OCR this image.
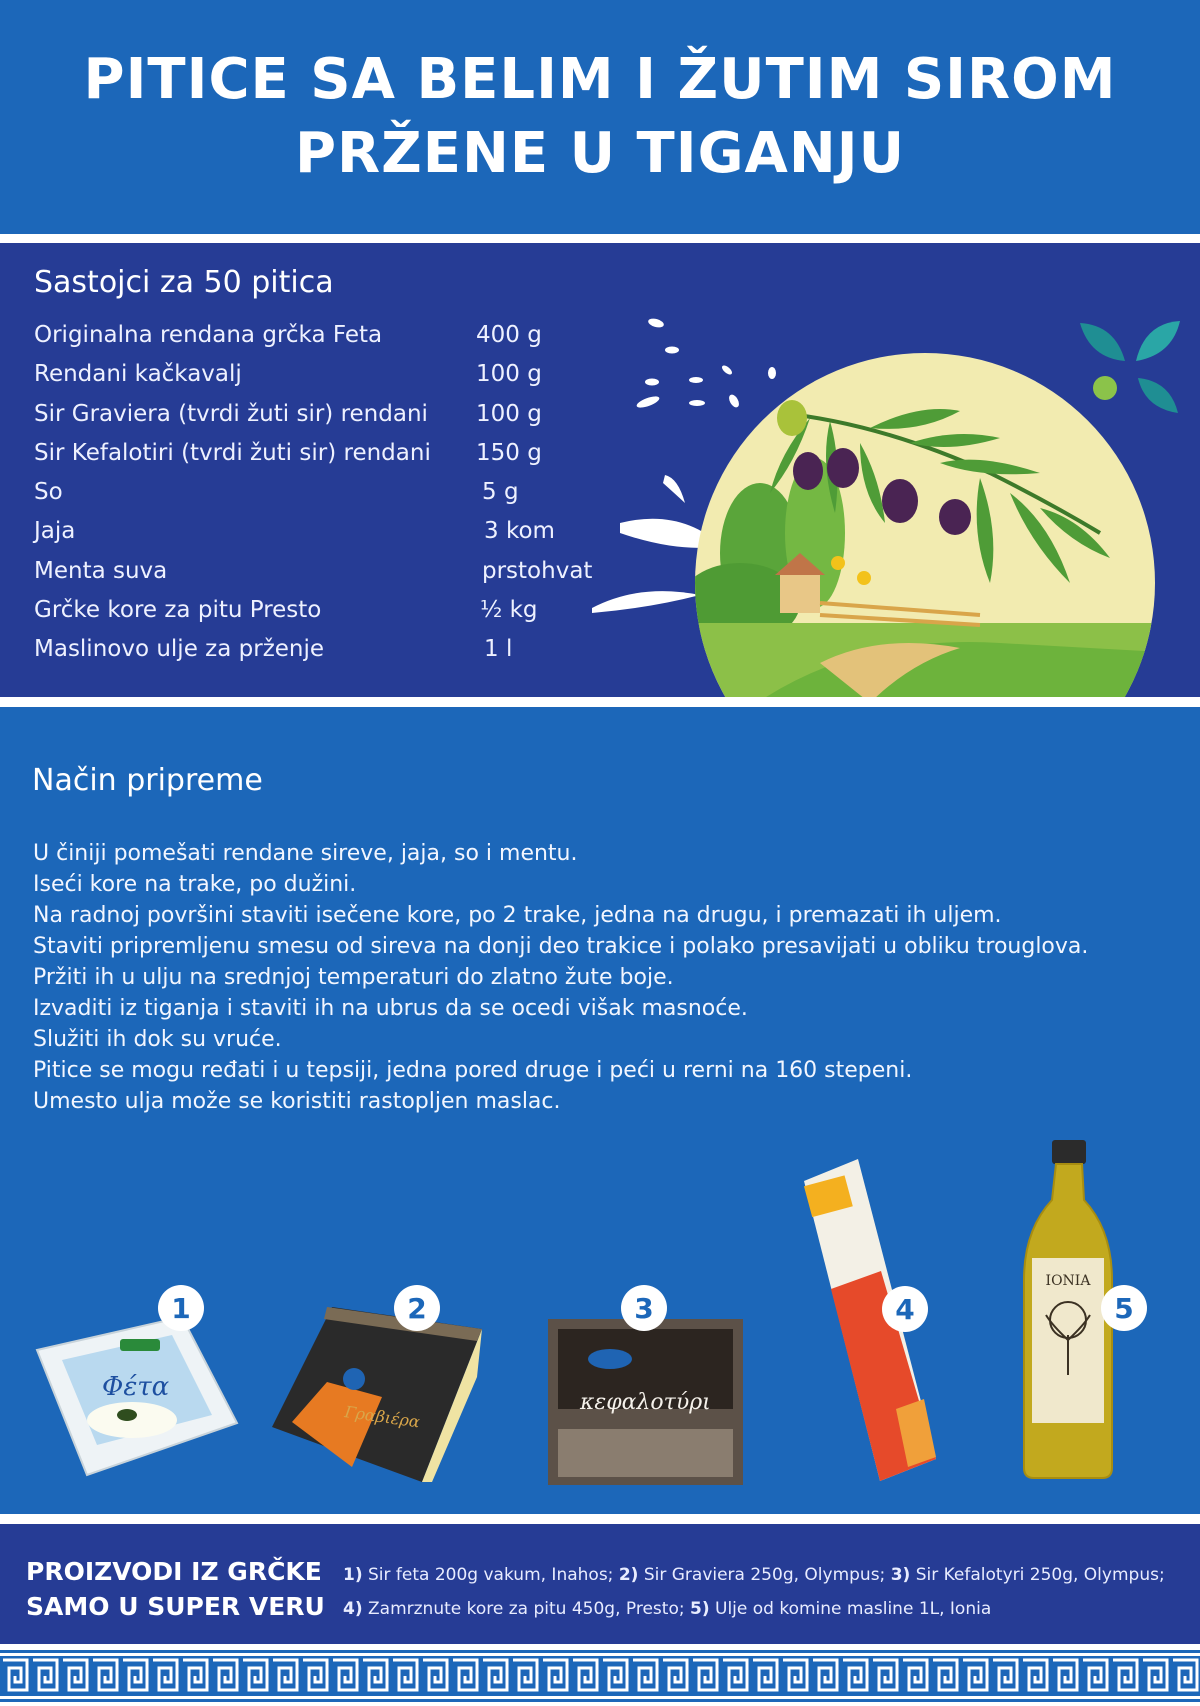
PITICE SA BELIM I ŽUTIM SIROM
PRŽENE U TIGANJU
Sastojci za 50 pitica
Originalna rendana grčka Feta	400 g
Rendani kačkavalj	100 g
Sir Graviera (tvrdi žuti sir) rendani 100 g
Sir Kefalotiri (tvrdi žuti sir) rendani 150 g
So	5 g
Jaja	3 kom
Menta suva	prstohvat
Grčke kore za pitu Presto	½ kg
Maslinovo ulje za prženje	1 l
Način pripreme
U činiji pomešati rendane sireve, jaja, so i mentu.
Iseći kore na trake, po dužini.
Na radnoj površini staviti isečene kore, po 2 trake, jedna na drugu, i premazati ih uljem.
Staviti pripremljenu smesu od sireva na donji deo trakice i polako presavijati u obliku trouglova.
Pržiti ih u ulju na srednjoj temperaturi do zlatno žute boje.
Izvaditi iz tiganja i staviti ih na ubrus da se ocedi višak masnoće.
Služiti ih dok su vruće.
Pitice se mogu ređati i u tepsiji, jedna pored druge i peći u rerni na 160 stepeni.
Umesto ulja može se koristiti rastopljen maslac.
Φέτα
1
Γραβιέρα
2
κεφαλοτύρι
3	4
IONIA
5
PROIZVODI IZ GRČKE
SAMO U SUPER VERU
1) Sir feta 200g vakum, Inahos; 2) Sir Graviera 250g, Olympus; 3) Sir Kefalotyri 250g, Olympus;
4) Zamrznute kore za pitu 450g, Presto; 5) Ulje od komine masline 1L, Ionia
